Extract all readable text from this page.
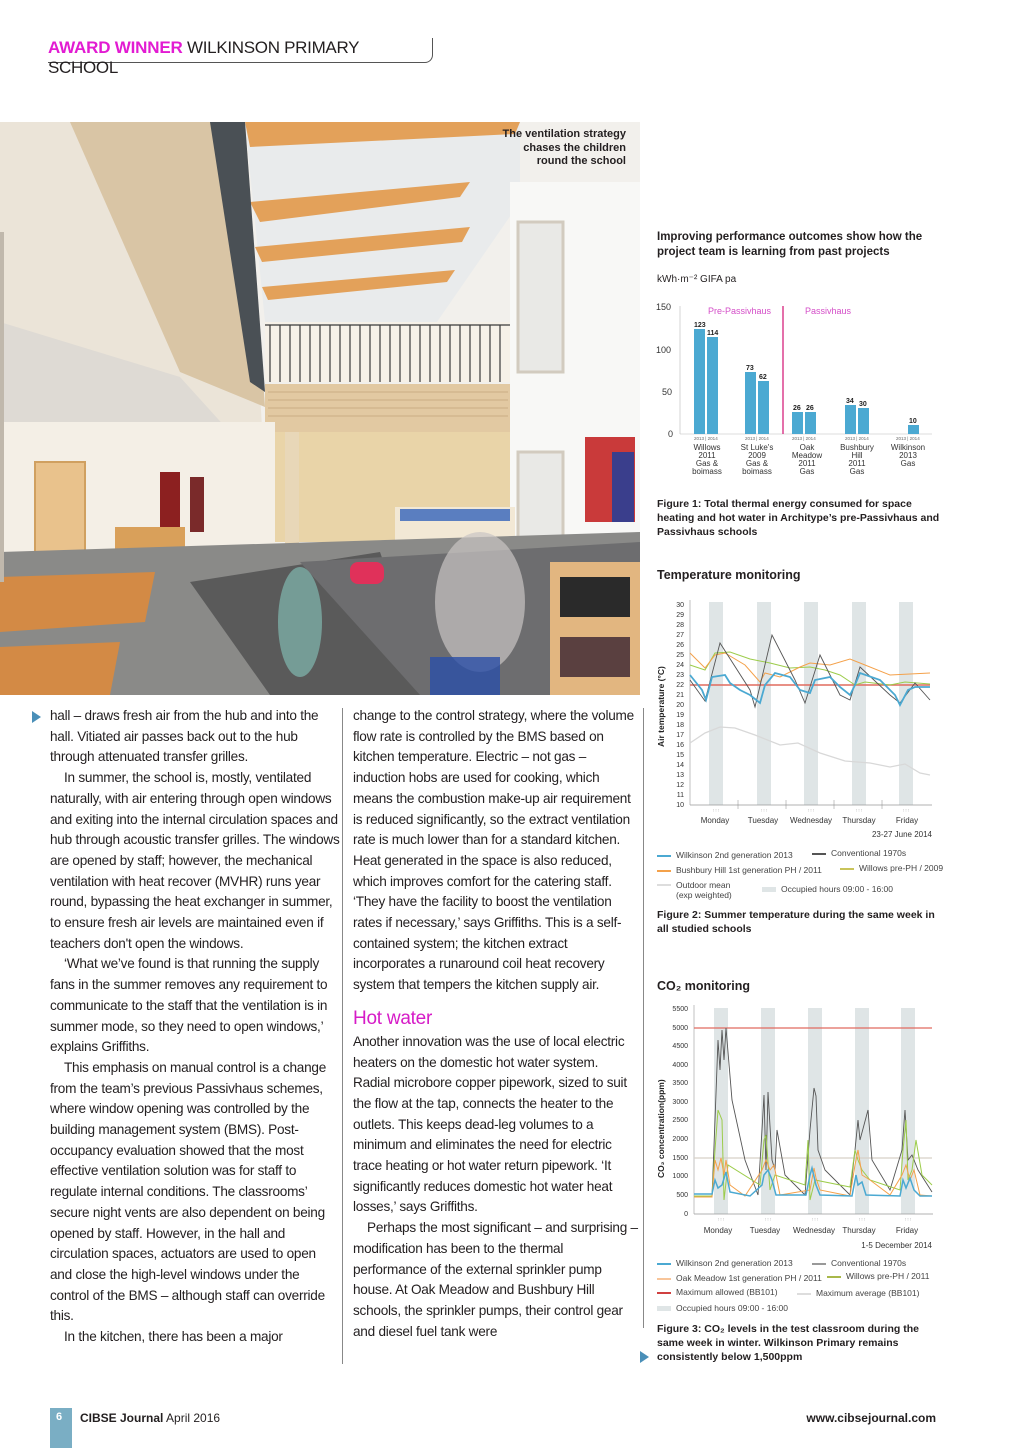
AWARD WINNER WILKINSON PRIMARY SCHOOL
The ventilation strategy chases the children round the school

hall – draws fresh air from the hub and into the hall. Vitiated air passes back out to the hub through attenuated transfer grilles.

In summer, the school is, mostly, ventilated naturally, with air entering through open windows and exiting into the internal circulation spaces and hub through acoustic transfer grilles. The windows are opened by staff; however, the mechanical ventilation with heat recover (MVHR) runs year round, bypassing the heat exchanger in summer, to ensure fresh air levels are maintained even if teachers don't open the windows.

‘What we’ve found is that running the supply fans in the summer removes any requirement to communicate to the staff that the ventilation is in summer mode, so they need to open windows,’ explains Griffiths.

This emphasis on manual control is a change from the team’s previous Passivhaus schemes, where window opening was controlled by the building management system (BMS). Post-occupancy evaluation showed that the most effective ventilation solution was for staff to regulate internal conditions. The classrooms’ secure night vents are also dependent on being opened by staff. However, in the hall and circulation spaces, actuators are used to open and close the high-level windows under the control of the BMS – although staff can override this.

In the kitchen, there has been a major

change to the control strategy, where the volume flow rate is controlled by the BMS based on kitchen temperature. Electric – not gas – induction hobs are used for cooking, which means the combustion make-up air requirement is reduced significantly, so the extract ventilation rate is much lower than for a standard kitchen. Heat generated in the space is also reduced, which improves comfort for the catering staff. ‘They have the facility to boost the ventilation rates if necessary,’ says Griffiths. This is a self-contained system; the kitchen extract incorporates a runaround coil heat recovery system that tempers the kitchen supply air.

Hot water

Another innovation was the use of local electric heaters on the domestic hot water system. Radial microbore copper pipework, sized to suit the flow at the tap, connects the heater to the outlets. This keeps dead-leg volumes to a minimum and eliminates the need for electric trace heating or hot water return pipework. ‘It significantly reduces domestic hot water heat losses,’ says Griffiths.

Perhaps the most significant – and surprising – modification has been to the thermal performance of the external sprinkler pump house. At Oak Meadow and Bushbury Hill schools, the sprinkler pumps, their control gear and diesel fuel tank were

Improving performance outcomes show how the project team is learning from past projects
kWh·m⁻² GIFA pa
150
100
50
0
Pre-Passivhaus	Passivhaus
123
114
73
62
26 26
34 30
10
2013 | 2014	2013 | 2014	2013 | 2014	2013 | 2014	2013 | 2014
Willows
2011
Gas &
boimass
St Luke's
2009
Gas &
boimass
Oak
Meadow
2011
Gas
Bushbury
Hill
2011
Gas
Wilkinson
2013
Gas
Figure 1: Total thermal energy consumed for space heating and hot water in Architype’s pre-Passivhaus and Passivhaus schools
Temperature monitoring
Air temperature (°C)
30
29
28
27
26
25
24
23
22
21
20
19
18
17
16
15
14
13
12
11
10
↑↑↑	↑↑↑	↑↑↑	↑↑↑	↑↑↑
Monday Tuesday Wednesday Thursday	Friday
23-27 June 2014
Wilkinson 2nd generation 2013	Conventional 1970s
Bushbury Hill 1st generation PH / 2011	Willows pre-PH / 2009
Outdoor mean
(exp weighted)
Occupied hours 09:00 - 16:00
Figure 2: Summer temperature during the same week in all studied schools
CO₂ monitoring
CO₂ concentration(ppm)
5500
5000
4500
4000
3500
3000
2500
2000
1500
1000
500
0
↑↑↑	↑↑↑	↑↑↑	↑↑↑	↑↑↑
Monday Tuesday Wednesday Thursday	Friday
1-5 December 2014
Wilkinson 2nd generation 2013	Conventional 1970s
Oak Meadow 1st generation PH / 2011	Willows pre-PH / 2011
Maximum allowed (BB101)	Maximum average (BB101)
Occupied hours 09:00 - 16:00
Figure 3: CO₂ levels in the test classroom during the same week in winter. Wilkinson Primary remains consistently below 1,500ppm
6 CIBSE Journal April 2016	www.cibsejournal.com
